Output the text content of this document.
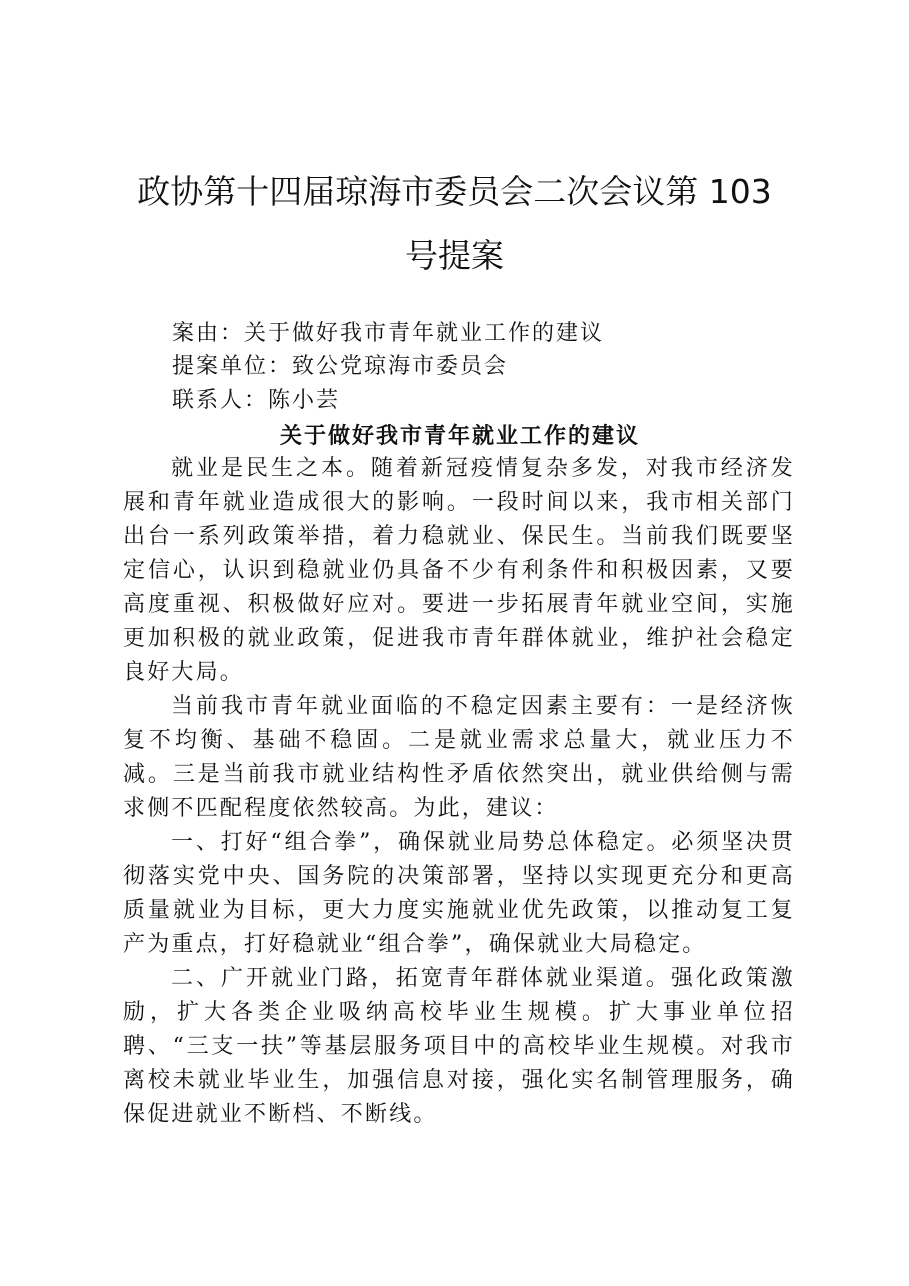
政协第十四届琼海市委员会二次会议第 103
号提案
案由：关于做好我市青年就业工作的建议
提案单位：致公党琼海市委员会
联系人：陈小芸
关于做好我市青年就业工作的建议

就业是民生之本。随着新冠疫情复杂多发，对我市经济发展和青年就业造成很大的影响。一段时间以来，我市相关部门出台一系列政策举措，着力稳就业、保民生。当前我们既要坚定信心，认识到稳就业仍具备不少有利条件和积极因素，又要高度重视、积极做好应对。要进一步拓展青年就业空间，实施更加积极的就业政策，促进我市青年群体就业，维护社会稳定良好大局。

当前我市青年就业面临的不稳定因素主要有：一是经济恢复不均衡、基础不稳固。二是就业需求总量大，就业压力不减。三是当前我市就业结构性矛盾依然突出，就业供给侧与需求侧不匹配程度依然较高。为此，建议：

一、打好“组合拳”，确保就业局势总体稳定。必须坚决贯彻落实党中央、国务院的决策部署，坚持以实现更充分和更高质量就业为目标，更大力度实施就业优先政策，以推动复工复产为重点，打好稳就业“组合拳”，确保就业大局稳定。

二、广开就业门路，拓宽青年群体就业渠道。强化政策激励，扩大各类企业吸纳高校毕业生规模。扩大事业单位招聘、“三支一扶”等基层服务项目中的高校毕业生规模。对我市离校未就业毕业生，加强信息对接，强化实名制管理服务，确保促进就业不断档、不断线。
